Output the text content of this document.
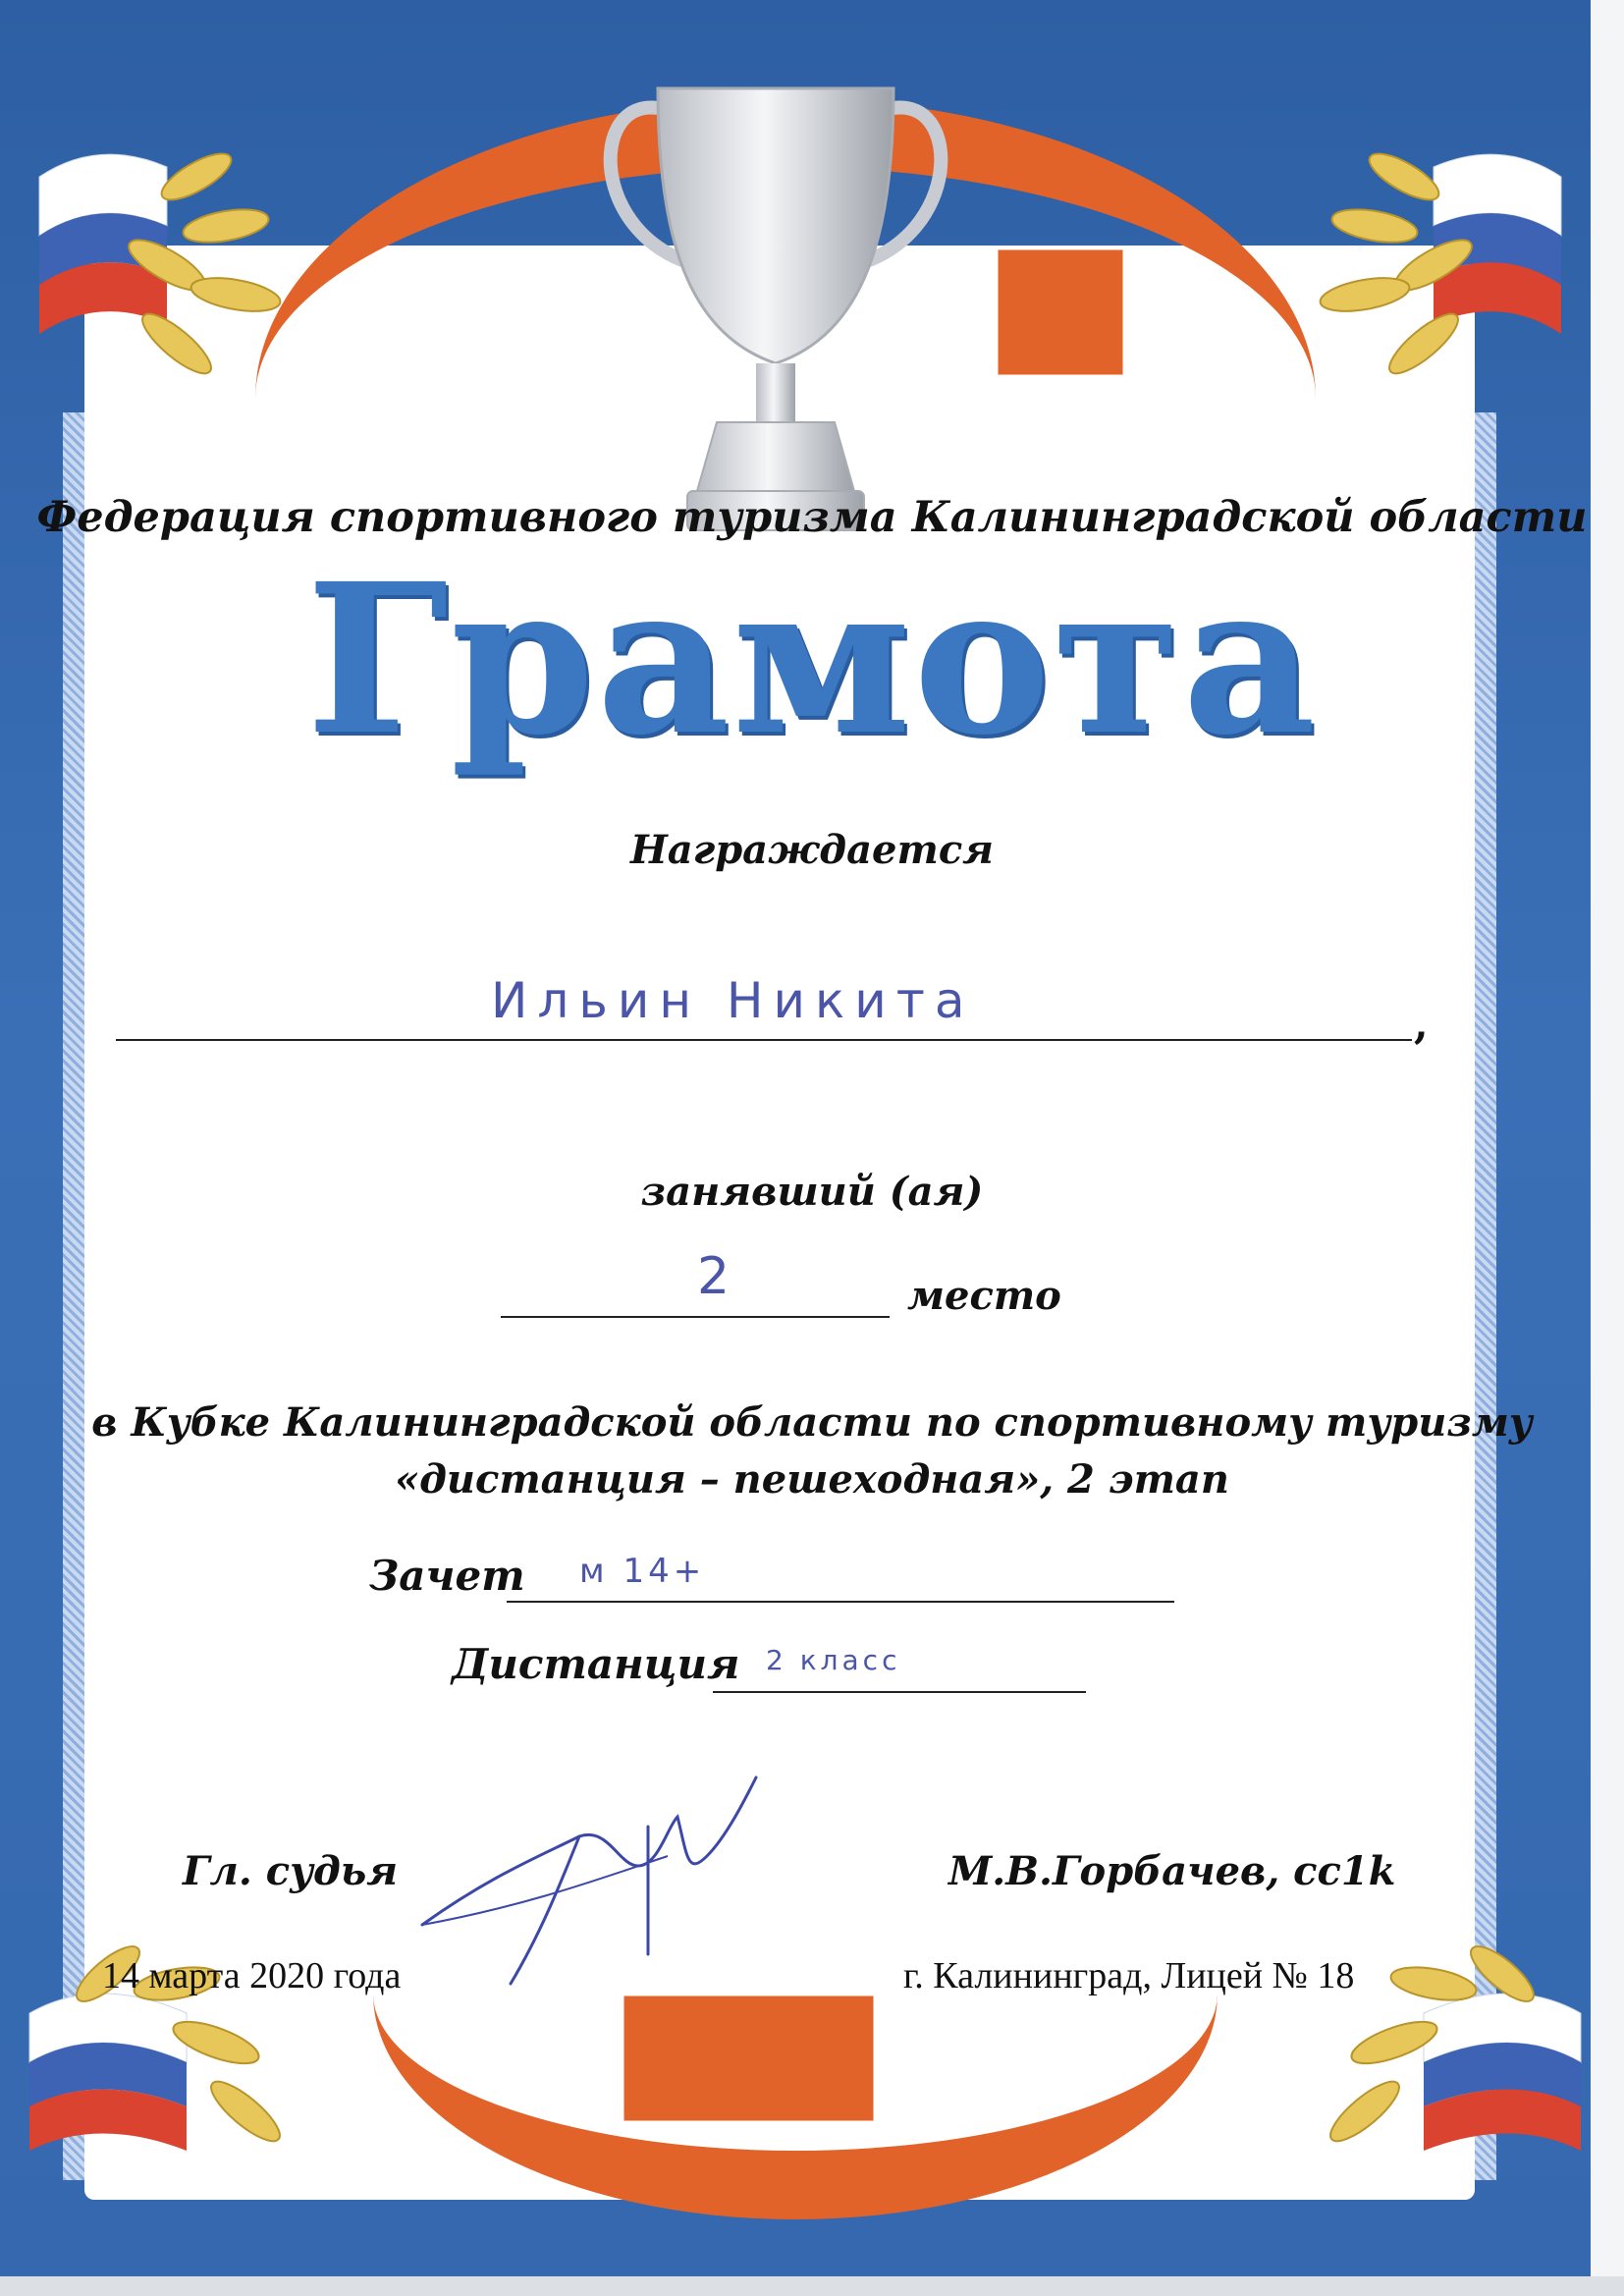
Федерация спортивного туризма Калининградской области
Грамота
Награждается
Ильин Никита	,
занявший (ая)
2	место
в Кубке Калининградской области по спортивному туризму
«дистанция – пешеходная», 2 этап
Зачет м 14+
Дистанция 2 класс
Гл. судья	М.В.Горбачев, сс1k
14 марта 2020 года	г. Калининград, Лицей № 18
